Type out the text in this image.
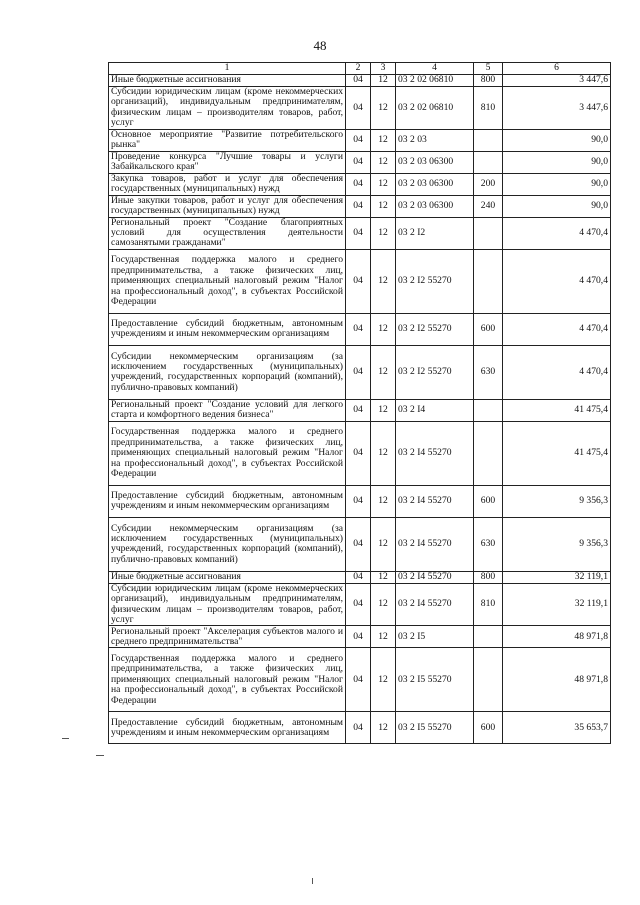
48
1	2	3	4	5	6
Иные бюджетные ассигнования	04	12	03 2 02 06810	800	3 447,6
Субсидии юридическим лицам (кроме некоммерческих организаций), индивидуальным предпринимателям, физическим лицам – производителям товаров, работ, услуг	04	12	03 2 02 06810	810	3 447,6
Основное мероприятие "Развитие потребительского рынка"	04	12	03 2 03		90,0
Проведение конкурса "Лучшие товары и услуги Забайкальского края"	04	12	03 2 03 06300		90,0
Закупка товаров, работ и услуг для обеспечения государственных (муниципальных) нужд	04	12	03 2 03 06300	200	90,0
Иные закупки товаров, работ и услуг для обеспечения государственных (муниципальных) нужд	04	12	03 2 03 06300	240	90,0
Региональный проект "Создание благоприятных условий для осуществления деятельности самозанятыми гражданами"	04	12	03 2 I2		4 470,4
Государственная поддержка малого и среднего предпринимательства, а также физических лиц, применяющих специальный налоговый режим "Налог на профессиональный доход", в субъектах Российской Федерации	04	12	03 2 I2 55270		4 470,4
Предоставление субсидий бюджетным, автономным учреждениям и иным некоммерческим организациям	04	12	03 2 I2 55270	600	4 470,4
Субсидии некоммерческим организациям (за исключением государственных (муниципальных) учреждений, государственных корпораций (компаний), публично-правовых компаний)	04	12	03 2 I2 55270	630	4 470,4
Региональный проект "Создание условий для легкого старта и комфортного ведения бизнеса"	04	12	03 2 I4		41 475,4
Государственная поддержка малого и среднего предпринимательства, а также физических лиц, применяющих специальный налоговый режим "Налог на профессиональный доход", в субъектах Российской Федерации	04	12	03 2 I4 55270		41 475,4
Предоставление субсидий бюджетным, автономным учреждениям и иным некоммерческим организациям	04	12	03 2 I4 55270	600	9 356,3
Субсидии некоммерческим организациям (за исключением государственных (муниципальных) учреждений, государственных корпораций (компаний), публично-правовых компаний)	04	12	03 2 I4 55270	630	9 356,3
Иные бюджетные ассигнования	04	12	03 2 I4 55270	800	32 119,1
Субсидии юридическим лицам (кроме некоммерческих организаций), индивидуальным предпринимателям, физическим лицам – производителям товаров, работ, услуг	04	12	03 2 I4 55270	810	32 119,1
Региональный проект "Акселерация субъектов малого и среднего предпринимательства"	04	12	03 2 I5		48 971,8
Государственная поддержка малого и среднего предпринимательства, а также физических лиц, применяющих специальный налоговый режим "Налог на профессиональный доход", в субъектах Российской Федерации	04	12	03 2 I5 55270		48 971,8
Предоставление субсидий бюджетным, автономным учреждениям и иным некоммерческим организациям	04	12	03 2 I5 55270	600	35 653,7
